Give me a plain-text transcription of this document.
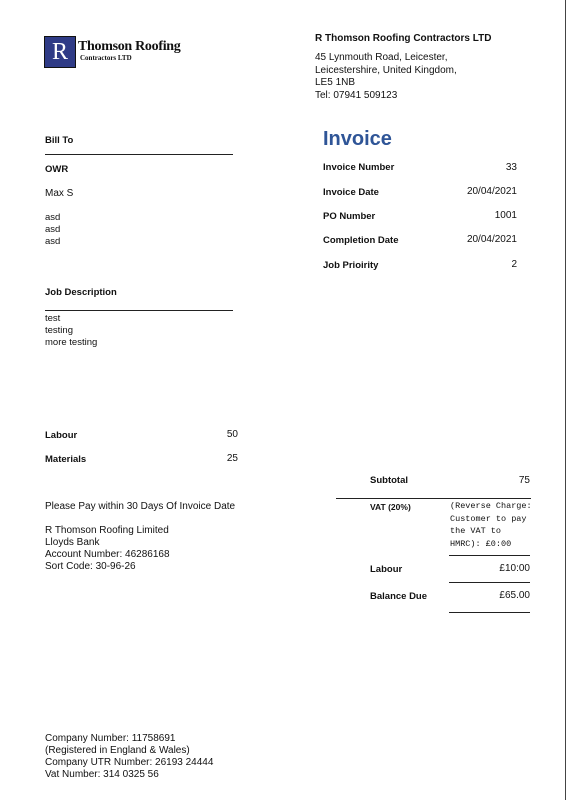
R Thomson Roofing
Contractors LTD
R Thomson Roofing Contractors LTD
45 Lynmouth Road, Leicester,
Leicestershire, United Kingdom,
LE5 1NB
Tel: 07941 509123
Bill To
OWR
Max S
asd
asd
asd
Job Description
test
testing
more testing
Invoice
Invoice Number	33
Invoice Date	20/04/2021
PO Number	1001
Completion Date	20/04/2021
Job Prioirity	2
Labour	50
Materials	25
Subtotal	75
VAT (20%)	(Reverse Charge:
Customer to pay
the VAT to
HMRC): £0:00
Labour	£10:00
Balance Due	£65.00
Please Pay within 30 Days Of Invoice Date
R Thomson Roofing Limited
Lloyds Bank
Account Number: 46286168
Sort Code: 30-96-26
Company Number: 11758691
(Registered in England & Wales)
Company UTR Number: 26193 24444
Vat Number: 314 0325 56
